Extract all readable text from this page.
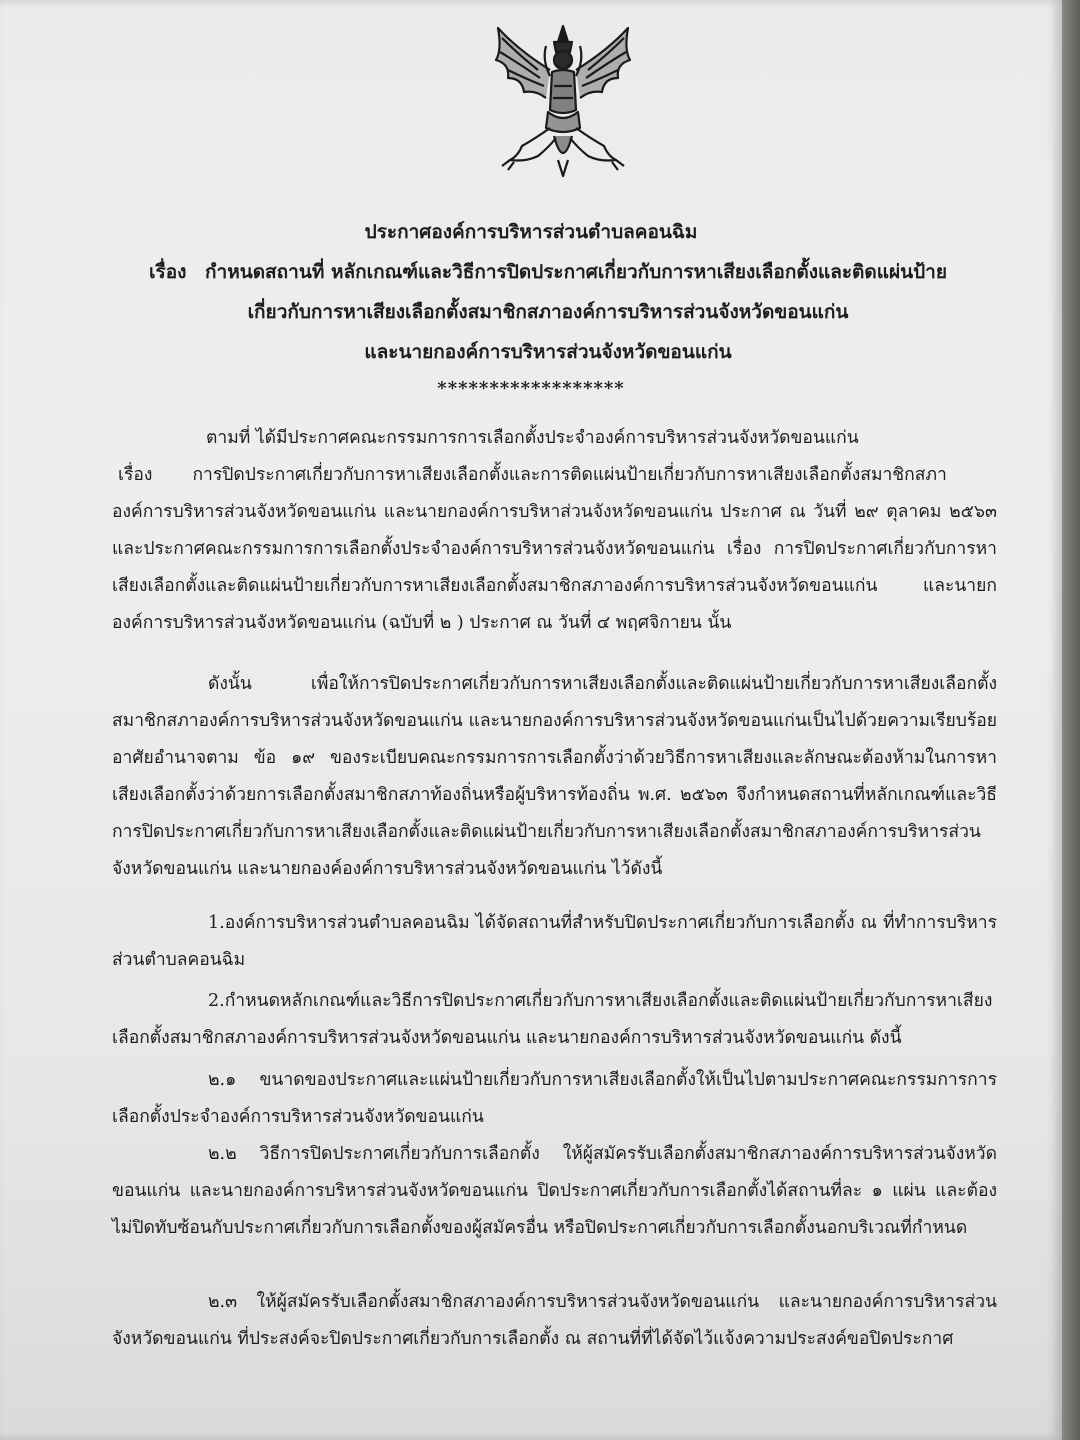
ประกาศองค์การบริหารส่วนตำบลคอนฉิม
เรื่อง กำหนดสถานที่ หลักเกณฑ์และวิธีการปิดประกาศเกี่ยวกับการหาเสียงเลือกตั้งและติดแผ่นป้าย
เกี่ยวกับการหาเสียงเลือกตั้งสมาชิกสภาองค์การบริหารส่วนจังหวัดขอนแก่น
และนายกองค์การบริหารส่วนจังหวัดขอนแก่น
******************
ตามที่ ได้มีประกาศคณะกรรมการการเลือกตั้งประจำองค์การบริหารส่วนจังหวัดขอนแก่น
เรื่อง การปิดประกาศเกี่ยวกับการหาเสียงเลือกตั้งและการติดแผ่นป้ายเกี่ยวกับการหาเสียงเลือกตั้งสมาชิกสภาองค์การบริหารส่วนจังหวัดขอนแก่น และนายกองค์การบริหาส่วนจังหวัดขอนแก่น ประกาศ ณ วันที่ ๒๙ ตุลาคม ๒๕๖๓ และประกาศคณะกรรมการการเลือกตั้งประจำองค์การบริหารส่วนจังหวัดขอนแก่น เรื่อง การปิดประกาศเกี่ยวกับการหาเสียงเลือกตั้งและติดแผ่นป้ายเกี่ยวกับการหาเสียงเลือกตั้งสมาชิกสภาองค์การบริหารส่วนจังหวัดขอนแก่น และนายกองค์การบริหารส่วนจังหวัดขอนแก่น (ฉบับที่ ๒ ) ประกาศ ณ วันที่ ๔ พฤศจิกายน นั้น
ดังนั้น เพื่อให้การปิดประกาศเกี่ยวกับการหาเสียงเลือกตั้งและติดแผ่นป้ายเกี่ยวกับการหาเสียงเลือกตั้งสมาชิกสภาองค์การบริหารส่วนจังหวัดขอนแก่น และนายกองค์การบริหารส่วนจังหวัดขอนแก่นเป็นไปด้วยความเรียบร้อย อาศัยอำนาจตาม ข้อ ๑๙ ของระเบียบคณะกรรมการการเลือกตั้งว่าด้วยวิธีการหาเสียงและลักษณะต้องห้ามในการหาเสียงเลือกตั้งว่าด้วยการเลือกตั้งสมาชิกสภาท้องถิ่นหรือผู้บริหารท้องถิ่น พ.ศ. ๒๕๖๓ จึงกำหนดสถานที่หลักเกณฑ์และวิธีการปิดประกาศเกี่ยวกับการหาเสียงเลือกตั้งและติดแผ่นป้ายเกี่ยวกับการหาเสียงเลือกตั้งสมาชิกสภาองค์การบริหารส่วนจังหวัดขอนแก่น และนายกองค์องค์การบริหารส่วนจังหวัดขอนแก่น ไว้ดังนี้
1.องค์การบริหารส่วนตำบลคอนฉิม ได้จัดสถานที่สำหรับปิดประกาศเกี่ยวกับการเลือกตั้ง ณ ที่ทำการบริหารส่วนตำบลคอนฉิม
2.กำหนดหลักเกณฑ์และวิธีการปิดประกาศเกี่ยวกับการหาเสียงเลือกตั้งและติดแผ่นป้ายเกี่ยวกับการหาเสียงเลือกตั้งสมาชิกสภาองค์การบริหารส่วนจังหวัดขอนแก่น และนายกองค์การบริหารส่วนจังหวัดขอนแก่น ดังนี้
๒.๑ ขนาดของประกาศและแผ่นป้ายเกี่ยวกับการหาเสียงเลือกตั้งให้เป็นไปตามประกาศคณะกรรมการการเลือกตั้งประจำองค์การบริหารส่วนจังหวัดขอนแก่น
๒.๒ วิธีการปิดประกาศเกี่ยวกับการเลือกตั้ง ให้ผู้สมัครรับเลือกตั้งสมาชิกสภาองค์การบริหารส่วนจังหวัดขอนแก่น และนายกองค์การบริหารส่วนจังหวัดขอนแก่น ปิดประกาศเกี่ยวกับการเลือกตั้งได้สถานที่ละ ๑ แผ่น และต้องไม่ปิดทับซ้อนกับประกาศเกี่ยวกับการเลือกตั้งของผู้สมัครอื่น หรือปิดประกาศเกี่ยวกับการเลือกตั้งนอกบริเวณที่กำหนด
๒.๓ ให้ผู้สมัครรับเลือกตั้งสมาชิกสภาองค์การบริหารส่วนจังหวัดขอนแก่น และนายกองค์การบริหารส่วนจังหวัดขอนแก่น ที่ประสงค์จะปิดประกาศเกี่ยวกับการเลือกตั้ง ณ สถานที่ที่ได้จัดไว้แจ้งความประสงค์ขอปิดประกาศ
